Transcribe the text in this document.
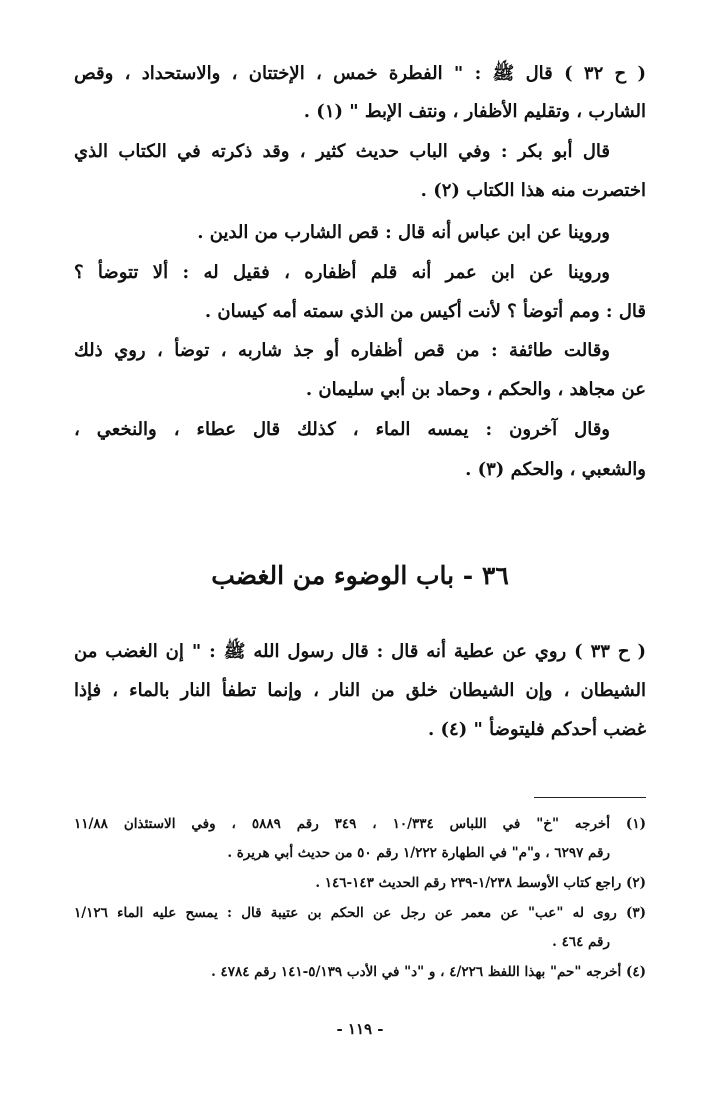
( ح ٣٢ ) قال ﷺ : " الفطرة خمس ، الإختتان ، والاستحداد ، وقص
الشارب ، وتقليم الأظفار ، ونتف الإبط " (١) .
قال أبو بكر : وفي الباب حديث كثير ، وقد ذكرته في الكتاب الذي
اختصرت منه هذا الكتاب (٢) .
وروينا عن ابن عباس أنه قال : قص الشارب من الدين .
وروينا عن ابن عمر أنه قلم أظفاره ، فقيل له : ألا تتوضأ ؟
قال : ومم أتوضأ ؟ لأنت أكيس من الذي سمته أمه كيسان .
وقالت طائفة : من قص أظفاره أو جذ شاربه ، توضأ ، روي ذلك
عن مجاهد ، والحكم ، وحماد بن أبي سليمان .
وقال آخرون : يمسه الماء ، كذلك قال عطاء ، والنخعي ،
والشعبي ، والحكم (٣) .
٣٦ - باب الوضوء من الغضب
( ح ٣٣ ) روي عن عطية أنه قال : قال رسول الله ﷺ : " إن الغضب من
الشيطان ، وإن الشيطان خلق من النار ، وإنما تطفأ النار بالماء ، فإذا
غضب أحدكم فليتوضأ " (٤) .
(١) أخرجه "خ" في اللباس ١٠/٣٣٤ ، ٣٤٩ رقم ٥٨٨٩ ، وفي الاستئذان ١١/٨٨
رقم ٦٢٩٧ ، و"م" في الطهارة ١/٢٢٢ رقم ٥٠ من حديث أبي هريرة .
(٢) راجع كتاب الأوسط ١/٢٣٨-٢٣٩ رقم الحديث ١٤٣-١٤٦ .
(٣) روى له "عب" عن معمر عن رجل عن الحكم بن عتيبة قال : يمسح عليه الماء ١/١٢٦
رقم ٤٦٤ .
(٤) أخرجه "حم" بهذا اللفظ ٤/٢٢٦ ، و "د" في الأدب ٥/١٣٩-١٤١ رقم ٤٧٨٤ .
- ١١٩ -
